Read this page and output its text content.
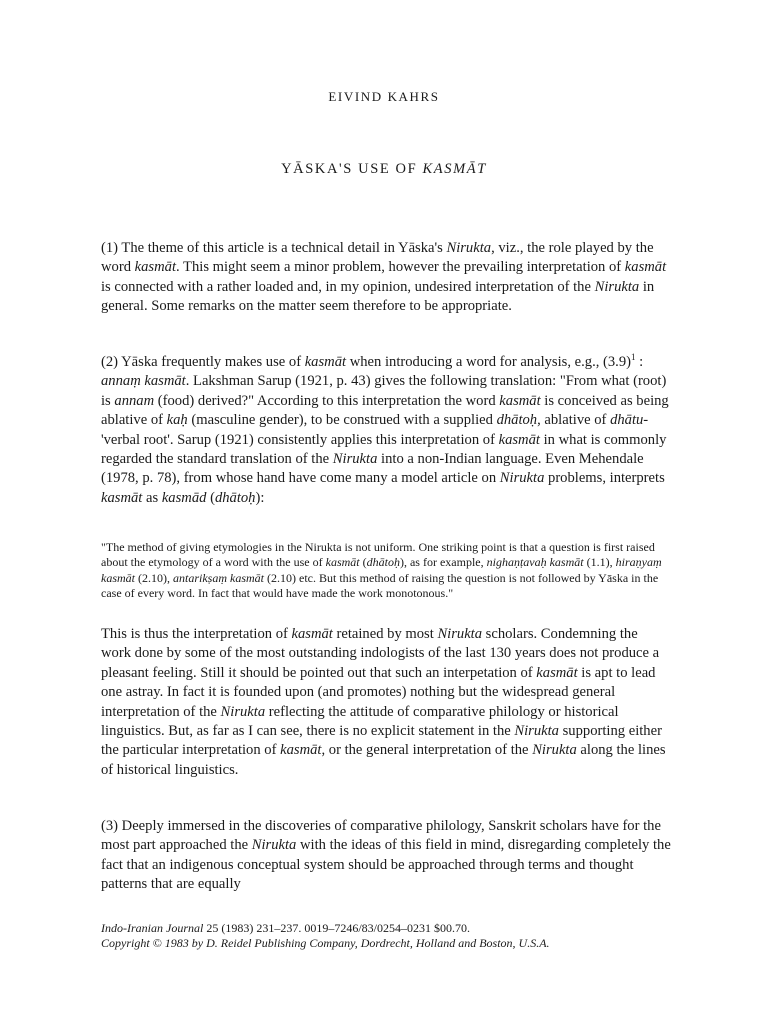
EIVIND KAHRS
YĀSKA'S USE OF KASMĀT

(1) The theme of this article is a technical detail in Yāska's Nirukta, viz., the role played by the word kasmāt. This might seem a minor problem, however the prevailing interpretation of kasmāt is connected with a rather loaded and, in my opinion, undesired interpretation of the Nirukta in general. Some remarks on the matter seem therefore to be appropriate.

(2) Yāska frequently makes use of kasmāt when introducing a word for analysis, e.g., $(3.9)^1$ : annaṃ kasmāt. Lakshman Sarup (1921, p. 43) gives the following translation: "From what (root) is annam (food) derived?" According to this interpretation the word kasmāt is conceived as being ablative of kaḥ (masculine gender), to be construed with a supplied dhātoḥ, ablative of dhātu- 'verbal root'. Sarup (1921) consistently applies this interpretation of kasmāt in what is commonly regarded the standard translation of the Nirukta into a non-Indian language. Even Mehendale (1978, p. 78), from whose hand have come many a model article on Nirukta problems, interprets kasmāt as kasmād (dhātoḥ):

"The method of giving etymologies in the Nirukta is not uniform. One striking point is that a question is first raised about the etymology of a word with the use of kasmāt (dhātoḥ), as for example, nighaṇṭavaḥ kasmāt (1.1), hiraṇyaṃ kasmāt (2.10), antarikṣaṃ kasmāt (2.10) etc. But this method of raising the question is not followed by Yāska in the case of every word. In fact that would have made the work monotonous."

This is thus the interpretation of kasmāt retained by most Nirukta scholars. Condemning the work done by some of the most outstanding indologists of the last 130 years does not produce a pleasant feeling. Still it should be pointed out that such an interpetation of kasmāt is apt to lead one astray. In fact it is founded upon (and promotes) nothing but the widespread general interpretation of the Nirukta reflecting the attitude of comparative philology or historical linguistics. But, as far as I can see, there is no explicit statement in the Nirukta supporting either the particular interpretation of kasmāt, or the general interpretation of the Nirukta along the lines of historical linguistics.

(3) Deeply immersed in the discoveries of comparative philology, Sanskrit scholars have for the most part approached the Nirukta with the ideas of this field in mind, disregarding completely the fact that an indigenous conceptual system should be approached through terms and thought patterns that are equally

Indo-Iranian Journal 25 (1983) 231–237. 0019–7246/83/0254–0231 $00.70.
Copyright © 1983 by D. Reidel Publishing Company, Dordrecht, Holland and Boston, U.S.A.
